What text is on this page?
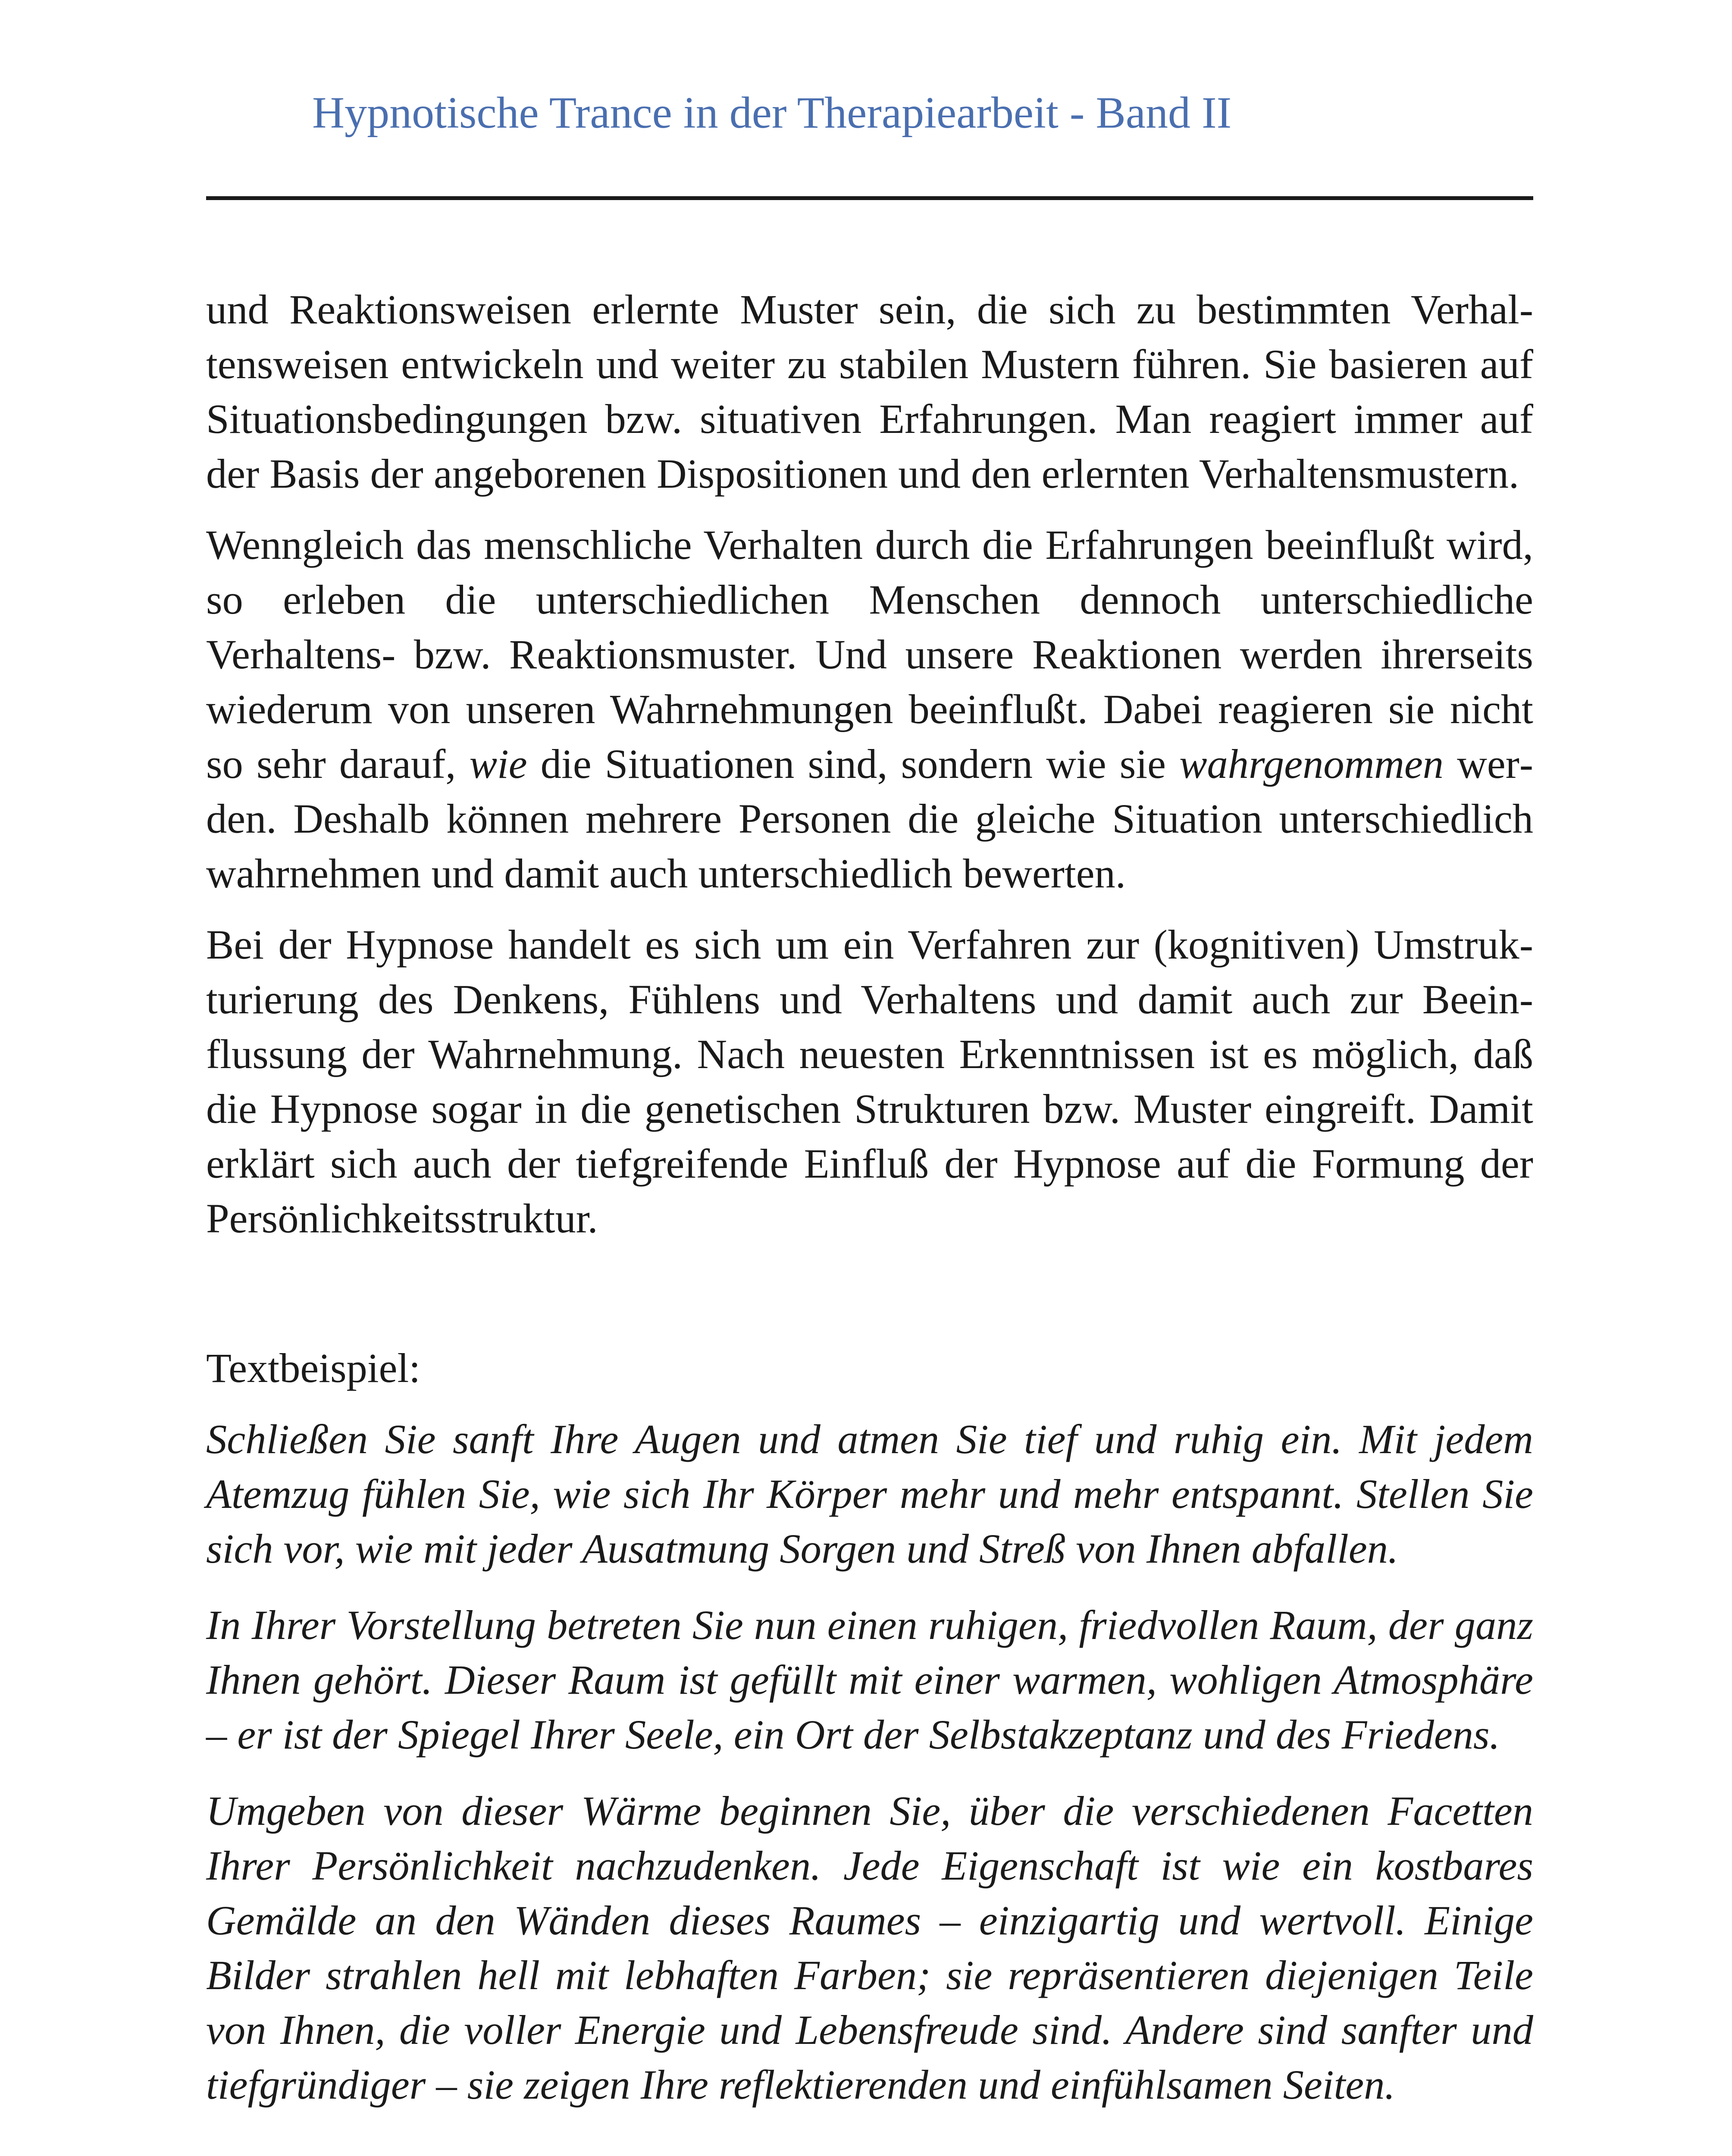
Hypnotische Trance in der Therapiearbeit - Band II

und Reaktionsweisen erlernte Muster sein, die sich zu bestimmten Verhaltensweisen entwickeln und weiter zu stabilen Mustern führen. Sie basieren auf Situationsbedingungen bzw. situativen Erfahrungen. Man reagiert immer auf der Basis der angeborenen Dispositionen und den erlernten Verhaltensmustern.

Wenngleich das menschliche Verhalten durch die Erfahrungen beeinflußt wird, so erleben die unterschiedlichen Menschen dennoch unterschiedliche Verhaltens- bzw. Reaktionsmuster. Und unsere Reaktionen werden ihrerseits wiederum von unseren Wahrnehmungen beeinflußt. Dabei reagieren sie nicht so sehr darauf, wie die Situationen sind, sondern wie sie wahrgenommen werden. Deshalb können mehrere Personen die gleiche Situation unterschiedlich wahrnehmen und damit auch unterschiedlich bewerten.

Bei der Hypnose handelt es sich um ein Verfahren zur (kognitiven) Umstrukturierung des Denkens, Fühlens und Verhaltens und damit auch zur Beeinflussung der Wahrnehmung. Nach neuesten Erkenntnissen ist es möglich, daß die Hypnose sogar in die genetischen Strukturen bzw. Muster eingreift. Damit erklärt sich auch der tiefgreifende Einfluß der Hypnose auf die Formung der Persönlichkeitsstruktur.

Textbeispiel:

Schließen Sie sanft Ihre Augen und atmen Sie tief und ruhig ein. Mit jedem Atemzug fühlen Sie, wie sich Ihr Körper mehr und mehr entspannt. Stellen Sie sich vor, wie mit jeder Ausatmung Sorgen und Streß von Ihnen abfallen.

In Ihrer Vorstellung betreten Sie nun einen ruhigen, friedvollen Raum, der ganz Ihnen gehört. Dieser Raum ist gefüllt mit einer warmen, wohligen Atmosphäre – er ist der Spiegel Ihrer Seele, ein Ort der Selbstakzeptanz und des Friedens.

Umgeben von dieser Wärme beginnen Sie, über die verschiedenen Facetten Ihrer Persönlichkeit nachzudenken. Jede Eigenschaft ist wie ein kostbares Gemälde an den Wänden dieses Raumes – einzigartig und wertvoll. Einige Bilder strahlen hell mit lebhaften Farben; sie repräsentieren diejenigen Teile von Ihnen, die voller Energie und Lebensfreude sind. Andere sind sanfter und tiefgründiger – sie zeigen Ihre reflektierenden und einfühlsamen Seiten.
